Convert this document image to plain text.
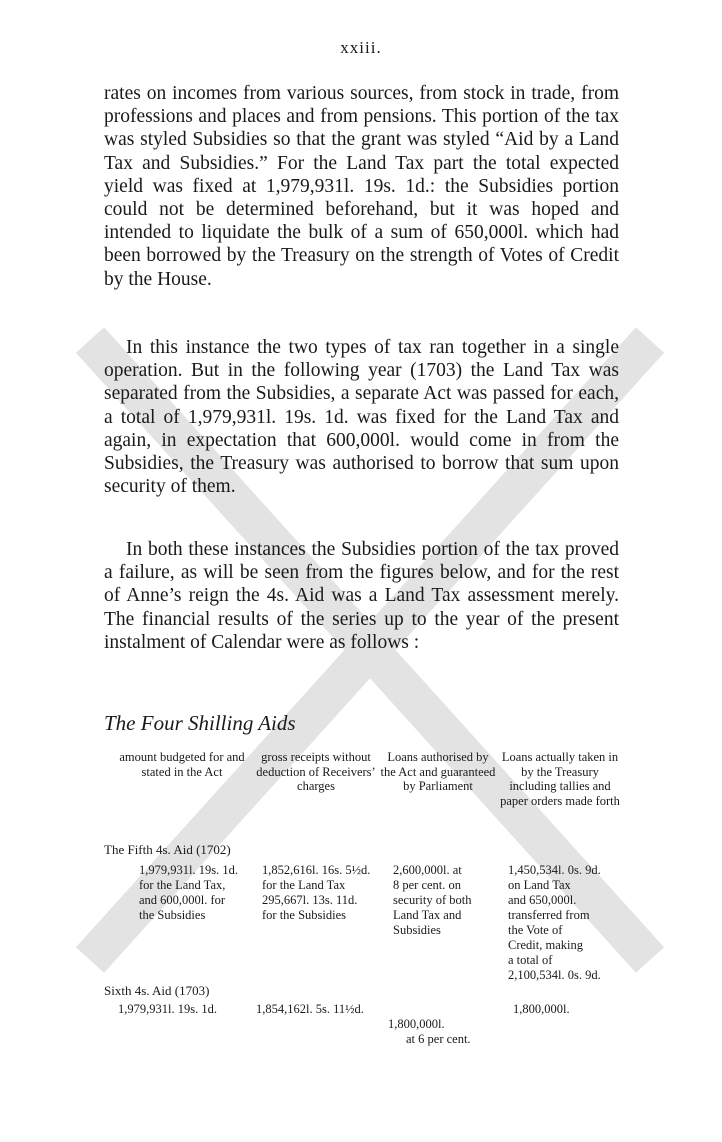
xxiii.

rates on incomes from various sources, from stock in trade, from professions and places and from pensions. This portion of the tax was styled Subsidies so that the grant was styled “Aid by a Land Tax and Subsidies.” For the Land Tax part the total expected yield was fixed at 1,979,931l. 19s. 1d.: the Subsidies portion could not be determined beforehand, but it was hoped and intended to liquidate the bulk of a sum of 650,000l. which had been borrowed by the Treasury on the strength of Votes of Credit by the House.

In this instance the two types of tax ran together in a single operation. But in the following year (1703) the Land Tax was separated from the Subsidies, a separate Act was passed for each, a total of 1,979,931l. 19s. 1d. was fixed for the Land Tax and again, in expectation that 600,000l. would come in from the Subsidies, the Treasury was authorised to borrow that sum upon security of them.

In both these instances the Subsidies portion of the tax proved a failure, as will be seen from the figures below, and for the rest of Anne’s reign the 4s. Aid was a Land Tax assessment merely. The financial results of the series up to the year of the present instalment of Calendar were as follows :

The Four Shilling Aids
amount budgeted for and stated in the Act
gross receipts without deduction of Receivers’ charges
Loans authorised by the Act and guaranteed by Parliament
Loans actually taken in by the Treasury including tallies and paper orders made forth
The Fifth 4s. Aid (1702)
1,979,931l. 19s. 1d.
for the Land Tax,
and 600,000l. for
the Subsidies
1,852,616l. 16s. 5½d.
for the Land Tax
295,667l. 13s. 11d.
for the Subsidies
2,600,000l. at
8 per cent. on
security of both
Land Tax and
Subsidies
1,450,534l. 0s. 9d.
on Land Tax
and 650,000l.
transferred from
the Vote of
Credit, making
a total of
2,100,534l. 0s. 9d.
Sixth 4s. Aid (1703)
1,979,931l. 19s. 1d.	1,854,162l. 5s. 11½d.

1,800,000l.

at 6 per cent.

1,800,000l.
